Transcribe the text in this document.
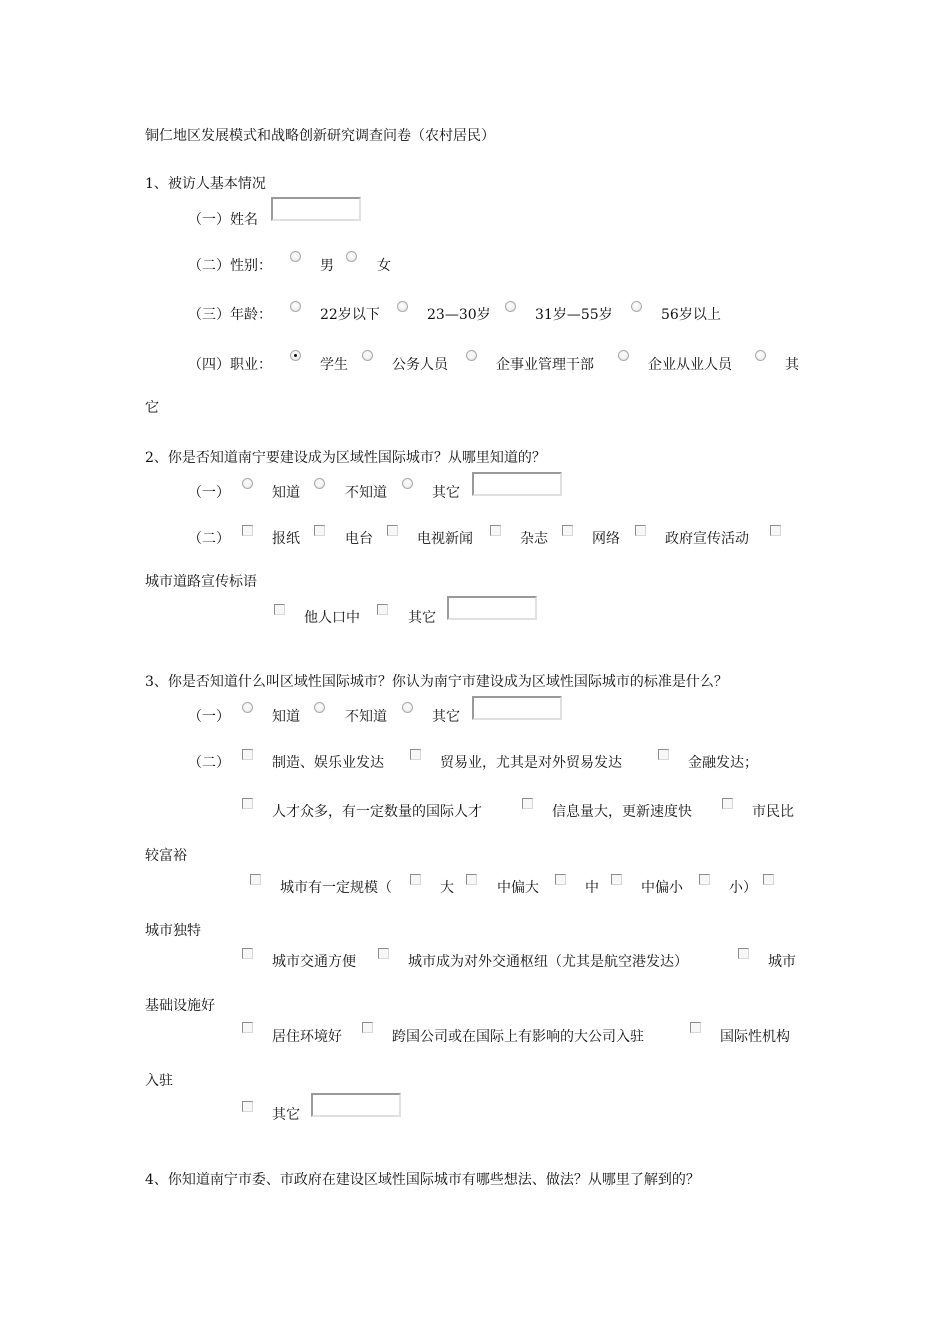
铜仁地区发展模式和战略创新研究调查问卷（农村居民）
1、被访人基本情况
（一）姓名
（二）性别：	男	女
（三）年龄：	22岁以下	23—30岁	31岁—55岁	56岁以上
（四）职业：	学生	公务人员	企事业管理干部	企业从业人员	其
它
2、你是否知道南宁要建设成为区域性国际城市？从哪里知道的？
（一）	知道	不知道	其它
（二）	报纸	电台	电视新闻	杂志	网络	政府宣传活动
城市道路宣传标语
他人口中	其它
3、你是否知道什么叫区域性国际城市？你认为南宁市建设成为区域性国际城市的标准是什么？
（一）	知道	不知道	其它
（二）	制造、娱乐业发达	贸易业，尤其是对外贸易发达	金融发达；
人才众多，有一定数量的国际人才	信息量大，更新速度快	市民比
较富裕
城市有一定规模（	大	中偏大	中	中偏小	小）
城市独特
城市交通方便	城市成为对外交通枢纽（尤其是航空港发达）	城市
基础设施好
居住环境好	跨国公司或在国际上有影响的大公司入驻	国际性机构
入驻
其它
4、你知道南宁市委、市政府在建设区域性国际城市有哪些想法、做法？从哪里了解到的？
